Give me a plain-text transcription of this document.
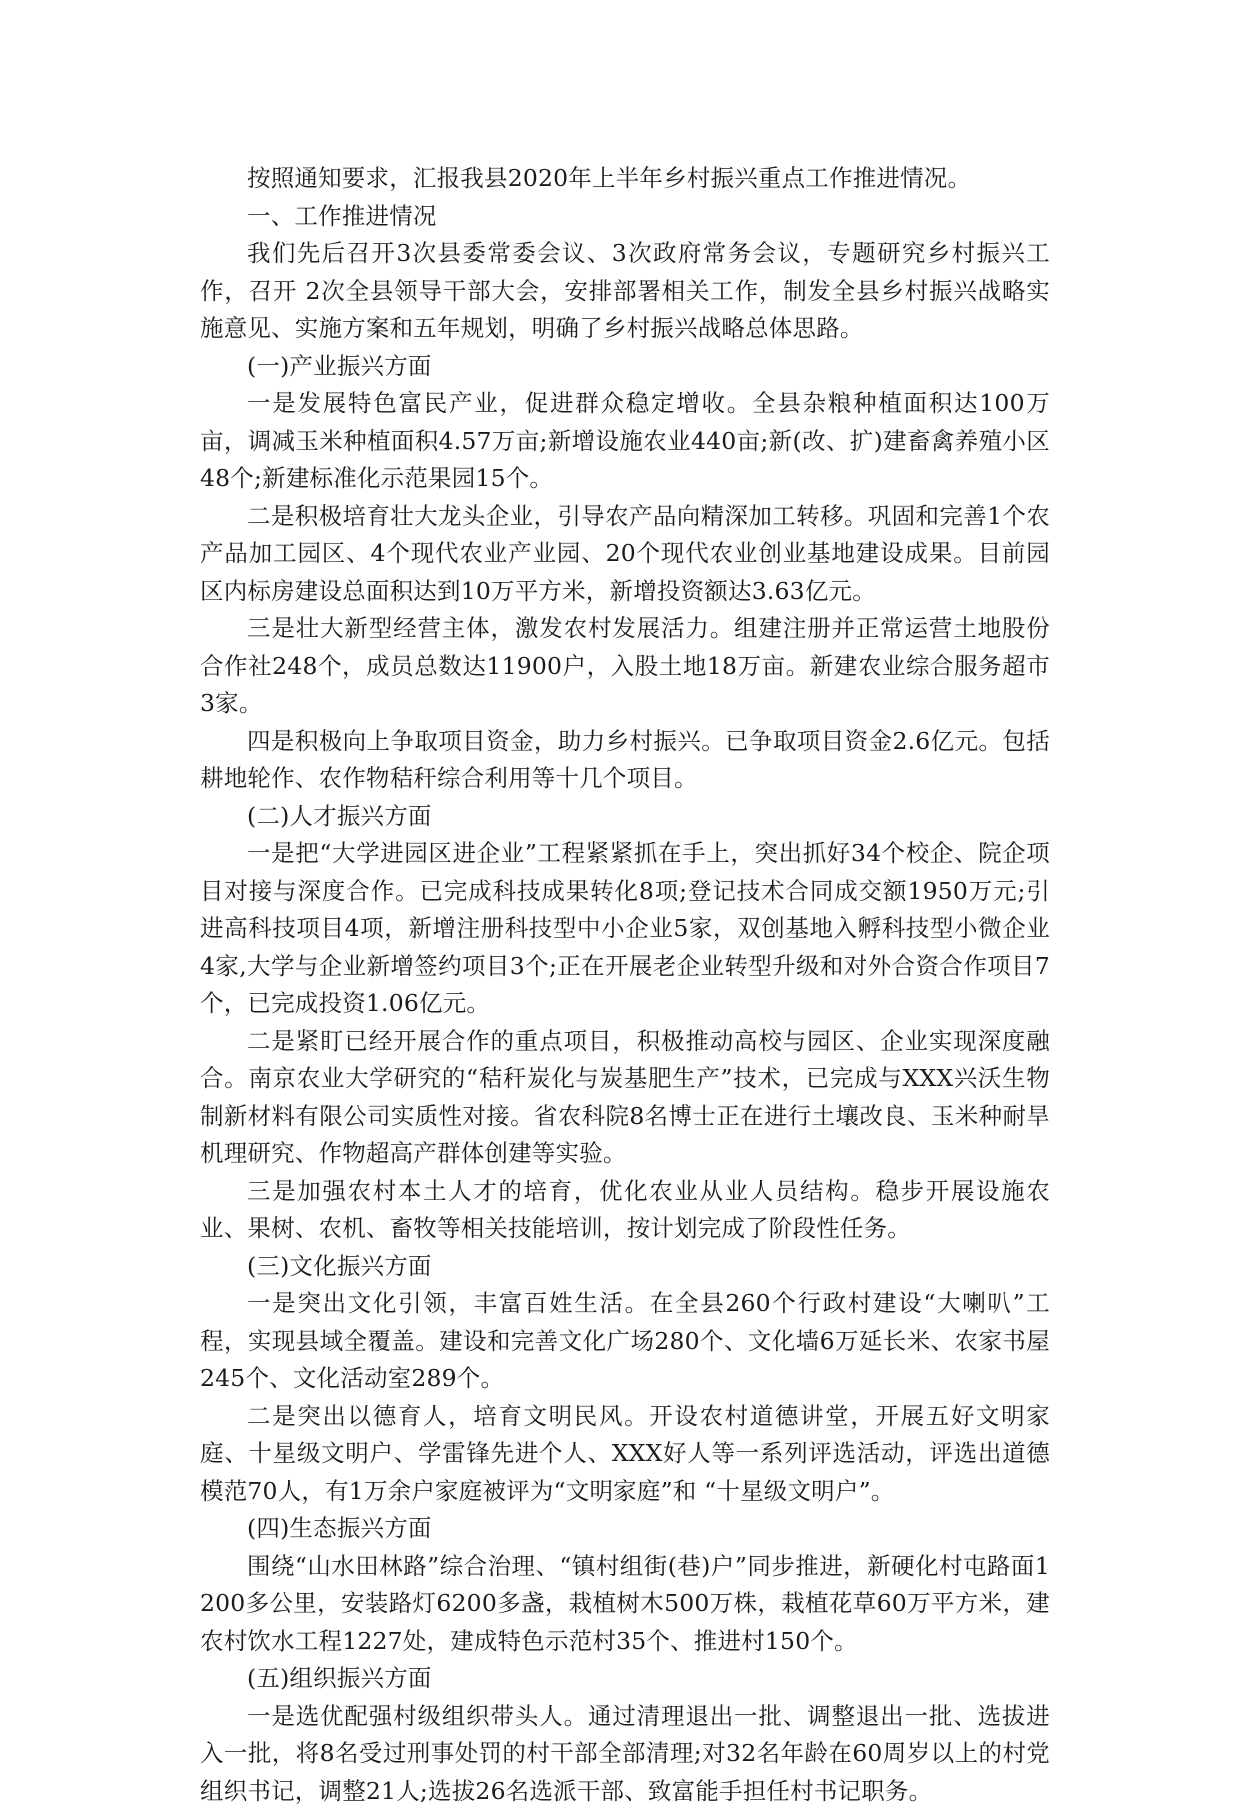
按照通知要求，汇报我县2020年上半年乡村振兴重点工作推进情况。

一、工作推进情况

我们先后召开3次县委常委会议、3次政府常务会议，专题研究乡村振兴工作，召开 2次全县领导干部大会，安排部署相关工作，制发全县乡村振兴战略实施意见、实施方案和五年规划，明确了乡村振兴战略总体思路。

(一)产业振兴方面

一是发展特色富民产业，促进群众稳定增收。全县杂粮种植面积达100万亩，调减玉米种植面积4.57万亩;新增设施农业440亩;新(改、扩)建畜禽养殖小区48个;新建标准化示范果园15个。

二是积极培育壮大龙头企业，引导农产品向精深加工转移。巩固和完善1个农产品加工园区、4个现代农业产业园、20个现代农业创业基地建设成果。目前园区内标房建设总面积达到10万平方米，新增投资额达3.63亿元。

三是壮大新型经营主体，激发农村发展活力。组建注册并正常运营土地股份合作社248个，成员总数达11900户，入股土地18万亩。新建农业综合服务超市3家。

四是积极向上争取项目资金，助力乡村振兴。已争取项目资金2.6亿元。包括耕地轮作、农作物秸秆综合利用等十几个项目。

(二)人才振兴方面

一是把“大学进园区进企业”工程紧紧抓在手上，突出抓好34个校企、院企项目对接与深度合作。已完成科技成果转化8项;登记技术合同成交额1950万元;引进高科技项目4项，新增注册科技型中小企业5家，双创基地入孵科技型小微企业4家,大学与企业新增签约项目3个;正在开展老企业转型升级和对外合资合作项目7个，已完成投资1.06亿元。

二是紧盯已经开展合作的重点项目，积极推动高校与园区、企业实现深度融合。南京农业大学研究的“秸秆炭化与炭基肥生产”技术，已完成与XXX兴沃生物制新材料有限公司实质性对接。省农科院8名博士正在进行土壤改良、玉米种耐旱机理研究、作物超高产群体创建等实验。

三是加强农村本土人才的培育，优化农业从业人员结构。稳步开展设施农业、果树、农机、畜牧等相关技能培训，按计划完成了阶段性任务。

(三)文化振兴方面

一是突出文化引领，丰富百姓生活。在全县260个行政村建设“大喇叭”工程，实现县域全覆盖。建设和完善文化广场280个、文化墙6万延长米、农家书屋245个、文化活动室289个。

二是突出以德育人，培育文明民风。开设农村道德讲堂，开展五好文明家庭、十星级文明户、学雷锋先进个人、XXX好人等一系列评选活动，评选出道德模范70人，有1万余户家庭被评为“文明家庭”和 “十星级文明户”。

(四)生态振兴方面

围绕“山水田林路”综合治理、“镇村组街(巷)户”同步推进，新硬化村屯路面1200多公里，安装路灯6200多盏，栽植树木500万株，栽植花草60万平方米，建农村饮水工程1227处，建成特色示范村35个、推进村150个。

(五)组织振兴方面

一是选优配强村级组织带头人。通过清理退出一批、调整退出一批、选拔进入一批，将8名受过刑事处罚的村干部全部清理;对32名年龄在60周岁以上的村党组织书记，调整21人;选拔26名选派干部、致富能手担任村书记职务。
